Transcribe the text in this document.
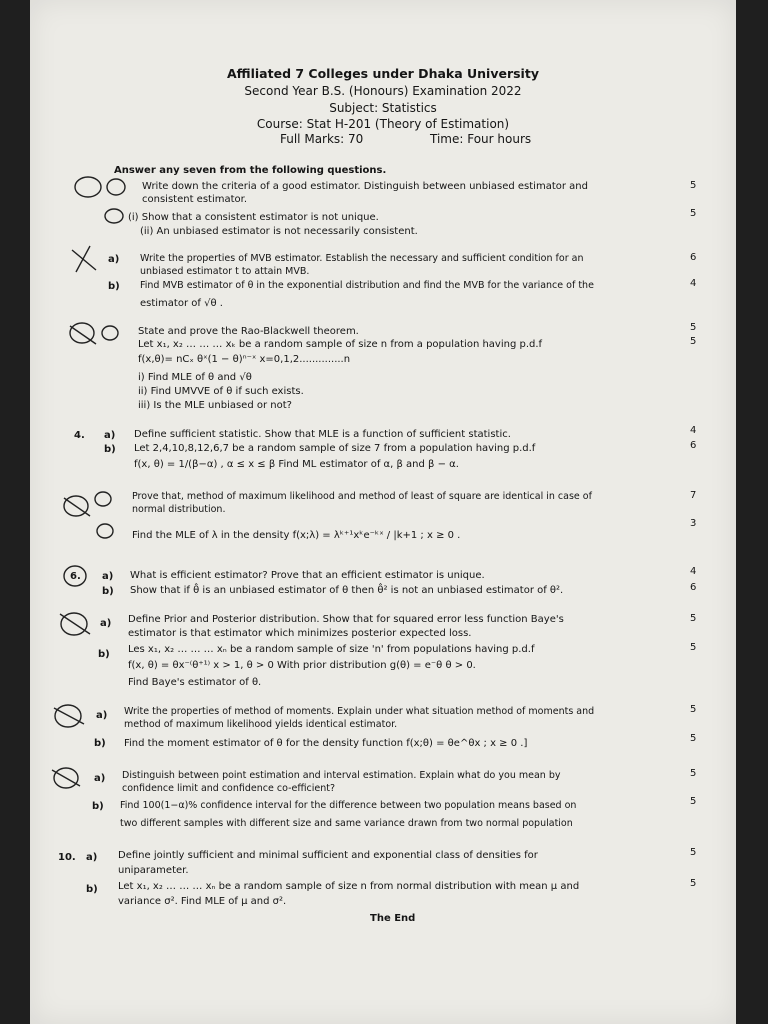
Affiliated 7 Colleges under Dhaka University
Second Year B.S. (Honours) Examination 2022
Subject: Statistics
Course: Stat H-201 (Theory of Estimation)
Full Marks: 70	Time: Four hours
Answer any seven from the following questions.
Write down the criteria of a good estimator. Distinguish between unbiased estimator and
consistent estimator.
(i) Show that a consistent estimator is not unique.
(ii) An unbiased estimator is not necessarily consistent.
5
5
a) Write the properties of MVB estimator. Establish the necessary and sufficient condition for an
unbiased estimator t to attain MVB.
b) Find MVB estimator of θ in the exponential distribution and find the MVB for the variance of the
estimator of √θ .
6
4
State and prove the Rao-Blackwell theorem.
Let x₁, x₂ … … … xₖ be a random sample of size n from a population having p.d.f
f(x,θ)= nCₓ θˣ(1 − θ)ⁿ⁻ˣ x=0,1,2..............n
i) Find MLE of θ and √θ
ii) Find UMVVE of θ if such exists.
iii) Is the MLE unbiased or not?
5
5
4. a) Define sufficient statistic. Show that MLE is a function of sufficient statistic.
b) Let 2,4,10,8,12,6,7 be a random sample of size 7 from a population having p.d.f
f(x, θ) = 1/(β−α) , α ≤ x ≤ β Find ML estimator of α, β and β − α.
4
6
Prove that, method of maximum likelihood and method of least of square are identical in case of
normal distribution.
Find the MLE of λ in the density f(x;λ) = λᵏ⁺¹xᵏe⁻ᵏˣ / |k+1 ; x ≥ 0 .
7
3
6. a) What is efficient estimator? Prove that an efficient estimator is unique.
b) Show that if θ̂ is an unbiased estimator of θ then θ̂² is not an unbiased estimator of θ².
4
6
a) Define Prior and Posterior distribution. Show that for squared error less function Baye's
estimator is that estimator which minimizes posterior expected loss.
b) Les x₁, x₂ … … … xₙ be a random sample of size 'n' from populations having p.d.f
f(x, θ) = θx⁻⁽θ⁺¹⁾ x > 1, θ > 0 With prior distribution g(θ) = e⁻θ θ > 0.
Find Baye's estimator of θ.
5
5
a) Write the properties of method of moments. Explain under what situation method of moments and
method of maximum likelihood yields identical estimator.
b) Find the moment estimator of θ for the density function f(x;θ) = θe^θx ; x ≥ 0 .]
5
5
a) Distinguish between point estimation and interval estimation. Explain what do you mean by
confidence limit and confidence co-efficient?
b) Find 100(1−α)% confidence interval for the difference between two population means based on
two different samples with different size and same variance drawn from two normal population
5
5
10. a) Define jointly sufficient and minimal sufficient and exponential class of densities for
uniparameter.
b) Let x₁, x₂ … … … xₙ be a random sample of size n from normal distribution with mean μ and
variance σ². Find MLE of μ and σ².
5
5
The End
